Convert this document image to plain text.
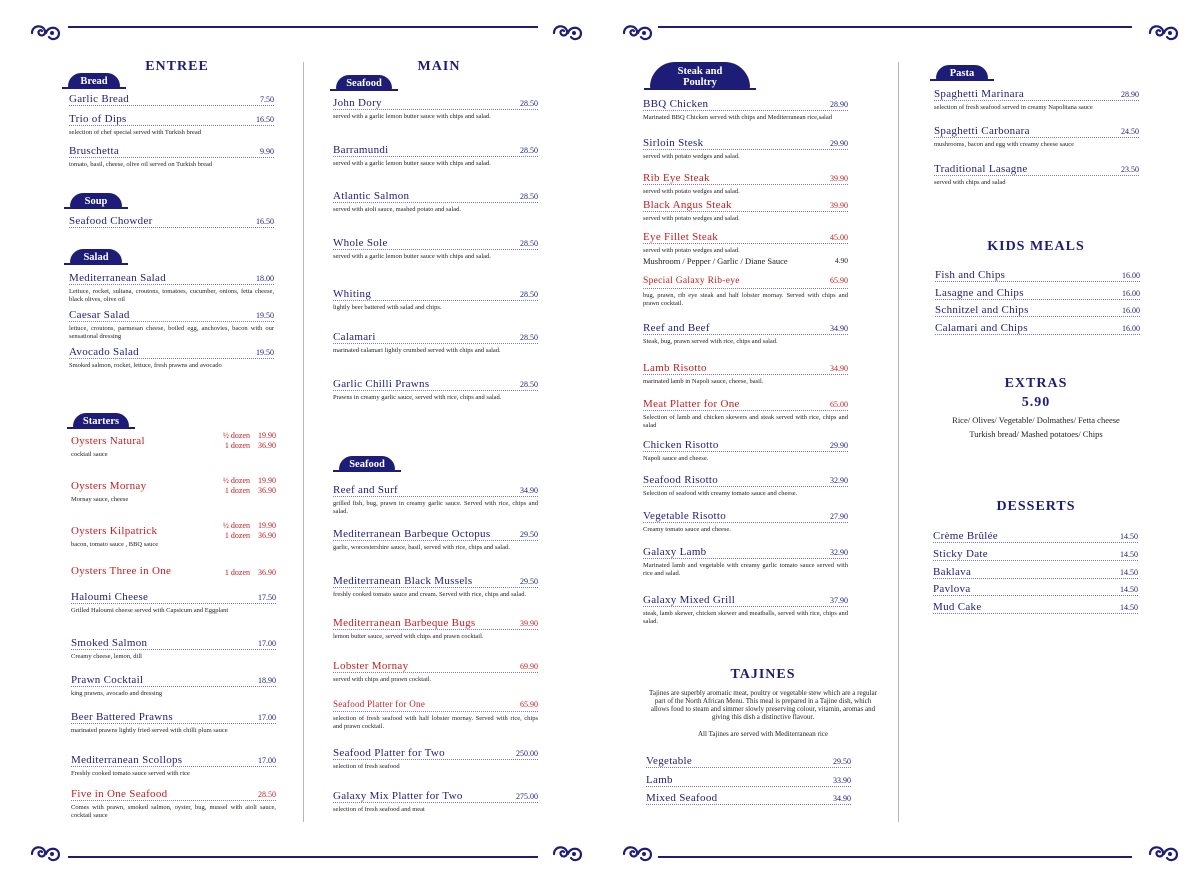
ENTREE
Bread
Garlic Bread	7.50
Trio of Dips	16.50
selection of chef special served with Turkish bread
Bruschetta	9.90
tomato, basil, cheese, olive oil served on Turkish bread
Soup
Seafood Chowder	16.50
Salad
Mediterranean Salad	18.00
Lettuce, rocket, sultana, croutons, tomatoes, cucumber, onions, fetta cheese, black olives, olive oil
Caesar Salad	19.50
lettuce, croutons, parmesan cheese, boiled egg, anchovies, bacon with our sensational dressing
Avocado Salad	19.50
Smoked salmon, rocket, lettuce, fresh prawns and avocado
Starters
Oysters Natural
cocktail sauce
½ dozen 19.90
1 dozen 36.90
Oysters Mornay
Mornay sauce, cheese
½ dozen 19.90
1 dozen 36.90
Oysters Kilpatrick
bacon, tomato sauce , BBQ sauce
½ dozen 19.90
1 dozen 36.90
Oysters Three in One	1 dozen 36.90
Haloumi Cheese	17.50
Grilled Haloumi cheese served with Capsicum and Eggplant
Smoked Salmon	17.00
Creamy cheese, lemon, dill
Prawn Cocktail	18.90
king prawns, avocado and dressing
Beer Battered Prawns	17.00
marinated prawns lightly fried served with chilli plum sauce
Mediterranean Scollops	17.00
Freshly cooked tomato sauce served with rice
Five in One Seafood	28.50
Comes with prawn, smoked salmon, oyster, bug, mussel with aioli sauce, cocktail sauce
MAIN
Seafood
John Dory	28.50
served with a garlic lemon butter sauce with chips and salad.
Barramundi	28.50
served with a garlic lemon butter sauce with chips and salad.
Atlantic Salmon	28.50
served with aioli sauce, mashed potato and salad.
Whole Sole	28.50
served with a garlic lemon butter sauce with chips and salad.
Whiting	28.50
lightly beer battered with salad and chips.
Calamari	28.50
marinated calamari lightly crumbed served with chips and salad.
Garlic Chilli Prawns	28.50
Prawns in creamy garlic sauce, served with rice, chips and salad.
Seafood
Reef and Surf	34.90
grilled fish, bug, prawn in creamy garlic sauce. Served with rice, chips and salad.
Mediterranean Barbeque Octopus	29.50
garlic, worcestershire sauce, basil, served with rice, chips and salad.
Mediterranean Black Mussels	29.50
freshly cooked tomato sauce and cream. Served with rice, chips and salad.
Mediterranean Barbeque Bugs	39.90
lemon butter sauce, served with chips and prawn cocktail.
Lobster Mornay	69.90
served with chips and prawn cocktail.
Seafood Platter for One	65.90
selection of fresh seafood with half lobster mornay. Served with rice, chips and prawn cocktail.
Seafood Platter for Two	250.00
selection of fresh seafood
Galaxy Mix Platter for Two	275.00
selection of fresh seafood and meat
Steak and
Poultry
BBQ Chicken	28.90
Marinated BBQ Chicken served with chips and Mediterranean rice,salad
Sirloin Stesk	29.90
served with potato wedges and salad.
Rib Eye Steak	39.90
served with potato wedges and salad.
Black Angus Steak	39.90
served with potato wedges and salad.
Eye Fillet Steak	45.00
served with potato wedges and salad.
Mushroom / Pepper / Garlic / Diane Sauce	4.90
Special Galaxy Rib-eye	65.90
bug, prawn, rib eye steak and half lobster mornay. Served with chips and prawn cocktail.
Reef and Beef	34.90
Steak, bug, prawn served with rice, chips and salad.
Lamb Risotto	34.90
marinated lamb in Napoli sauce, cheese, basil.
Meat Platter for One	65.00
Selection of lamb and chicken skewers and steak served with rice, chips and salad
Chicken Risotto	29.90
Napoli sauce and cheese.
Seafood Risotto	32.90
Selection of seafood with creamy tomato sauce and cheese.
Vegetable Risotto	27.90
Creamy tomato sauce and cheese.
Galaxy Lamb	32.90
Marinated lamb and vegetable with creamy garlic tomato sauce served with rice and salad.
Galaxy Mixed Grill	37.90
steak, lamb skewer, chicken skewer and meatballs, served with rice, chips and salad.
TAJINES
Tajines are superbly aromatic meat, poultry or vegetable stew which are a regular part of the North African Menu. This meal is prepared in a Tajine dish, which allows food to steam and simmer slowly preserving colour, vitamin, aromas and giving this dish a distinctive flavour.
All Tajines are served with Mediterranean rice
Vegetable	29.50
Lamb	33.90
Mixed Seafood	34.90
Pasta
Spaghetti Marinara	28.90
selection of fresh seafood served in creamy Napolitana sauce
Spaghetti Carbonara	24.50
mushrooms, bacon and egg with creamy cheese sauce
Traditional Lasagne	23.50
served with chips and salad
KIDS MEALS
Fish and Chips	16.00
Lasagne and Chips	16.00
Schnitzel and Chips	16.00
Calamari and Chips	16.00
EXTRAS
5.90
Rice/ Olives/ Vegetable/ Dolmathes/ Fetta cheese
Turkish bread/ Mashed potatoes/ Chips
DESSERTS
Crème Brûlée	14.50
Sticky Date	14.50
Baklava	14.50
Pavlova	14.50
Mud Cake	14.50
